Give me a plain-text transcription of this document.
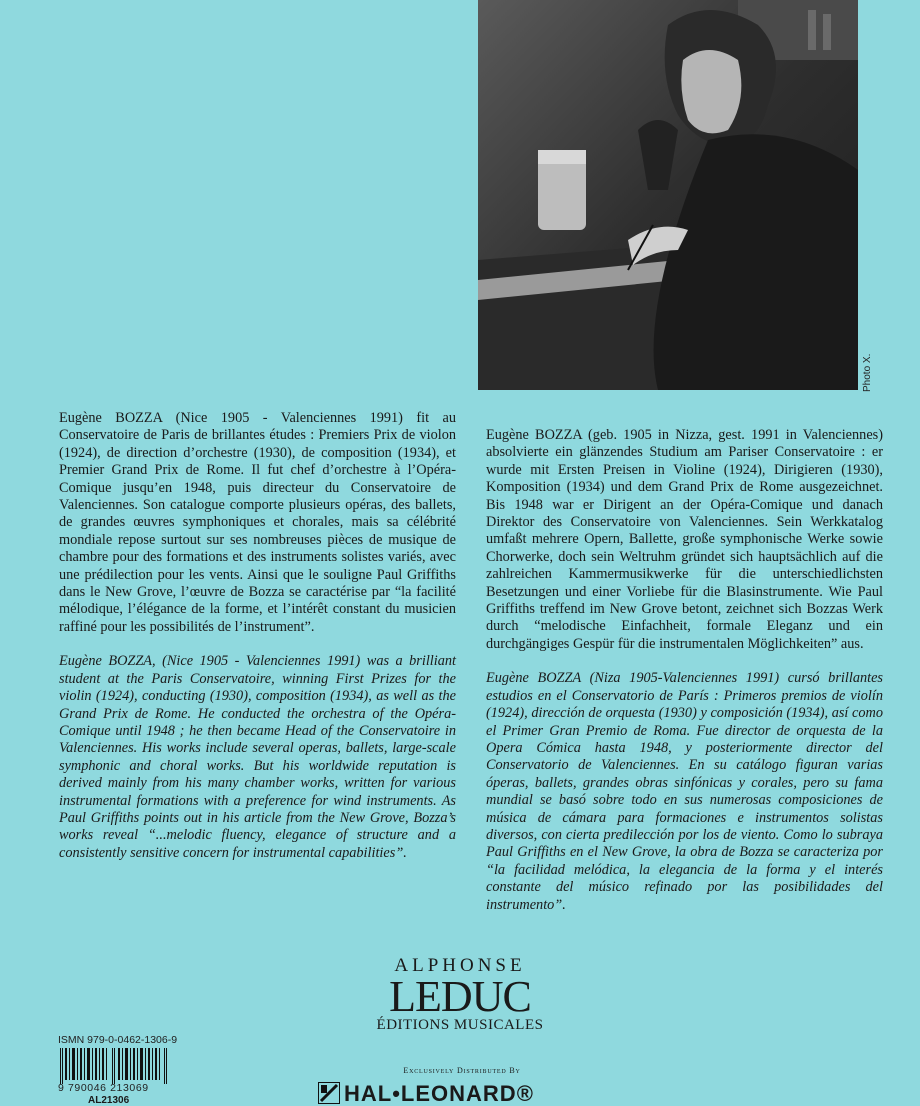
Photo X.

Eugène BOZZA (Nice 1905 - Valenciennes 1991) fit au Conservatoire de Paris de brillantes études : Premiers Prix de violon (1924), de direction d’orchestre (1930), de composition (1934), et Premier Grand Prix de Rome. Il fut chef d’orchestre à l’Opéra-Comique jusqu’en 1948, puis directeur du Conservatoire de Valenciennes. Son catalogue comporte plusieurs opéras, des ballets, de grandes œuvres symphoniques et chorales, mais sa célébrité mondiale repose surtout sur ses nombreuses pièces de musique de chambre pour des formations et des instruments solistes variés, avec une prédilection pour les vents. Ainsi que le souligne Paul Griffiths dans le New Grove, l’œuvre de Bozza se caractérise par “la facilité mélodique, l’élégance de la forme, et l’intérêt constant du musicien raffiné pour les possibilités de l’instrument”.

Eugène BOZZA, (Nice 1905 - Valenciennes 1991) was a brilliant student at the Paris Conservatoire, winning First Prizes for the violin (1924), conducting (1930), composition (1934), as well as the Grand Prix de Rome. He conducted the orchestra of the Opéra-Comique until 1948 ; he then became Head of the Conservatoire in Valenciennes. His works include several operas, ballets, large-scale symphonic and choral works. But his worldwide reputation is derived mainly from his many chamber works, written for various instrumental formations with a preference for wind instruments. As Paul Griffiths points out in his article from the New Grove, Bozza’s works reveal “...melodic fluency, elegance of structure and a consistently sensitive concern for instrumental capabilities”.

Eugène BOZZA (geb. 1905 in Nizza, gest. 1991 in Valenciennes) absolvierte ein glänzendes Studium am Pariser Conservatoire : er wurde mit Ersten Preisen in Violine (1924), Dirigieren (1930), Komposition (1934) und dem Grand Prix de Rome ausgezeichnet. Bis 1948 war er Dirigent an der Opéra-Comique und danach Direktor des Conservatoire von Valenciennes. Sein Werkkatalog umfaßt mehrere Opern, Ballette, große symphonische Werke sowie Chorwerke, doch sein Weltruhm gründet sich hauptsächlich auf die zahlreichen Kammermusikwerke für die unterschiedlichsten Besetzungen und einer Vorliebe für die Blasinstrumente. Wie Paul Griffiths treffend im New Grove betont, zeichnet sich Bozzas Werk durch “melodische Einfachheit, formale Eleganz und ein durchgängiges Gespür für die instrumentalen Möglichkeiten” aus.

Eugène BOZZA (Niza 1905-Valenciennes 1991) cursó brillantes estudios en el Conservatorio de París : Primeros premios de violín (1924), dirección de orquesta (1930) y composición (1934), así como el Primer Gran Premio de Roma. Fue director de orquesta de la Opera Cómica hasta 1948, y posteriormente director del Conservatorio de Valenciennes. En su catálogo figuran varias óperas, ballets, grandes obras sinfónicas y corales, pero su fama mundial se basó sobre todo en sus numerosas composiciones de música de cámara para formaciones e instrumentos solistas diversos, con cierta predilección por los de viento. Como lo subraya Paul Griffiths en el New Grove, la obra de Bozza se caracteriza por “la facilidad melódica, la elegancia de la forma y el interés constante del músico refinado por las posibilidades del instrumento”.

ALPHONSE
LEDUC
ÉDITIONS MUSICALES
ISMN 979-0-0462-1306-9
9 790046 213069
AL21306
Exclusively Distributed By
HAL•LEONARD®
